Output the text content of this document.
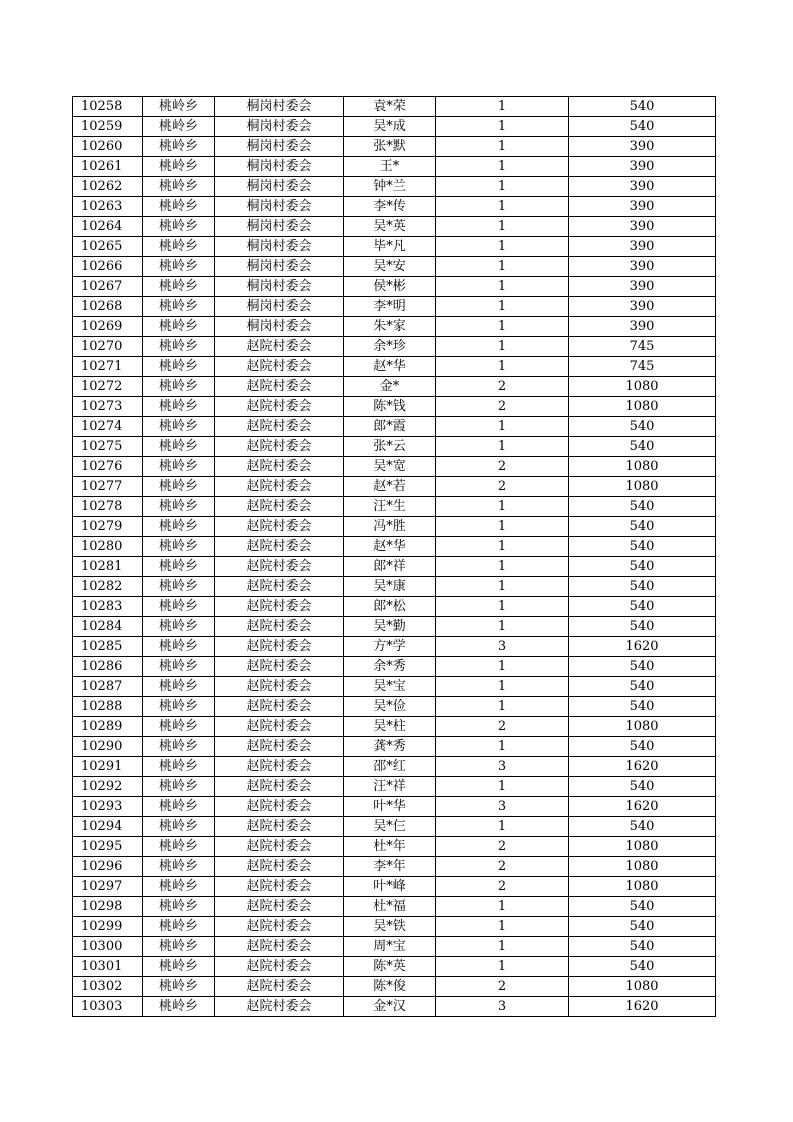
10258	桃岭乡	桐岗村委会	袁*荣	1	540
10259	桃岭乡	桐岗村委会	吴*成	1	540
10260	桃岭乡	桐岗村委会	张*默	1	390
10261	桃岭乡	桐岗村委会	王*	1	390
10262	桃岭乡	桐岗村委会	钟*兰	1	390
10263	桃岭乡	桐岗村委会	李*传	1	390
10264	桃岭乡	桐岗村委会	吴*英	1	390
10265	桃岭乡	桐岗村委会	毕*凡	1	390
10266	桃岭乡	桐岗村委会	吴*安	1	390
10267	桃岭乡	桐岗村委会	侯*彬	1	390
10268	桃岭乡	桐岗村委会	李*明	1	390
10269	桃岭乡	桐岗村委会	朱*家	1	390
10270	桃岭乡	赵院村委会	余*珍	1	745
10271	桃岭乡	赵院村委会	赵*华	1	745
10272	桃岭乡	赵院村委会	金*	2	1080
10273	桃岭乡	赵院村委会	陈*钱	2	1080
10274	桃岭乡	赵院村委会	郎*霞	1	540
10275	桃岭乡	赵院村委会	张*云	1	540
10276	桃岭乡	赵院村委会	吴*宽	2	1080
10277	桃岭乡	赵院村委会	赵*若	2	1080
10278	桃岭乡	赵院村委会	汪*生	1	540
10279	桃岭乡	赵院村委会	冯*胜	1	540
10280	桃岭乡	赵院村委会	赵*华	1	540
10281	桃岭乡	赵院村委会	郎*祥	1	540
10282	桃岭乡	赵院村委会	吴*康	1	540
10283	桃岭乡	赵院村委会	郎*松	1	540
10284	桃岭乡	赵院村委会	吴*勤	1	540
10285	桃岭乡	赵院村委会	方*学	3	1620
10286	桃岭乡	赵院村委会	余*秀	1	540
10287	桃岭乡	赵院村委会	吴*宝	1	540
10288	桃岭乡	赵院村委会	吴*俭	1	540
10289	桃岭乡	赵院村委会	吴*柱	2	1080
10290	桃岭乡	赵院村委会	龚*秀	1	540
10291	桃岭乡	赵院村委会	邵*红	3	1620
10292	桃岭乡	赵院村委会	汪*祥	1	540
10293	桃岭乡	赵院村委会	叶*华	3	1620
10294	桃岭乡	赵院村委会	吴*仨	1	540
10295	桃岭乡	赵院村委会	杜*年	2	1080
10296	桃岭乡	赵院村委会	李*年	2	1080
10297	桃岭乡	赵院村委会	叶*峰	2	1080
10298	桃岭乡	赵院村委会	杜*福	1	540
10299	桃岭乡	赵院村委会	吴*铁	1	540
10300	桃岭乡	赵院村委会	周*宝	1	540
10301	桃岭乡	赵院村委会	陈*英	1	540
10302	桃岭乡	赵院村委会	陈*俊	2	1080
10303	桃岭乡	赵院村委会	金*汉	3	1620
